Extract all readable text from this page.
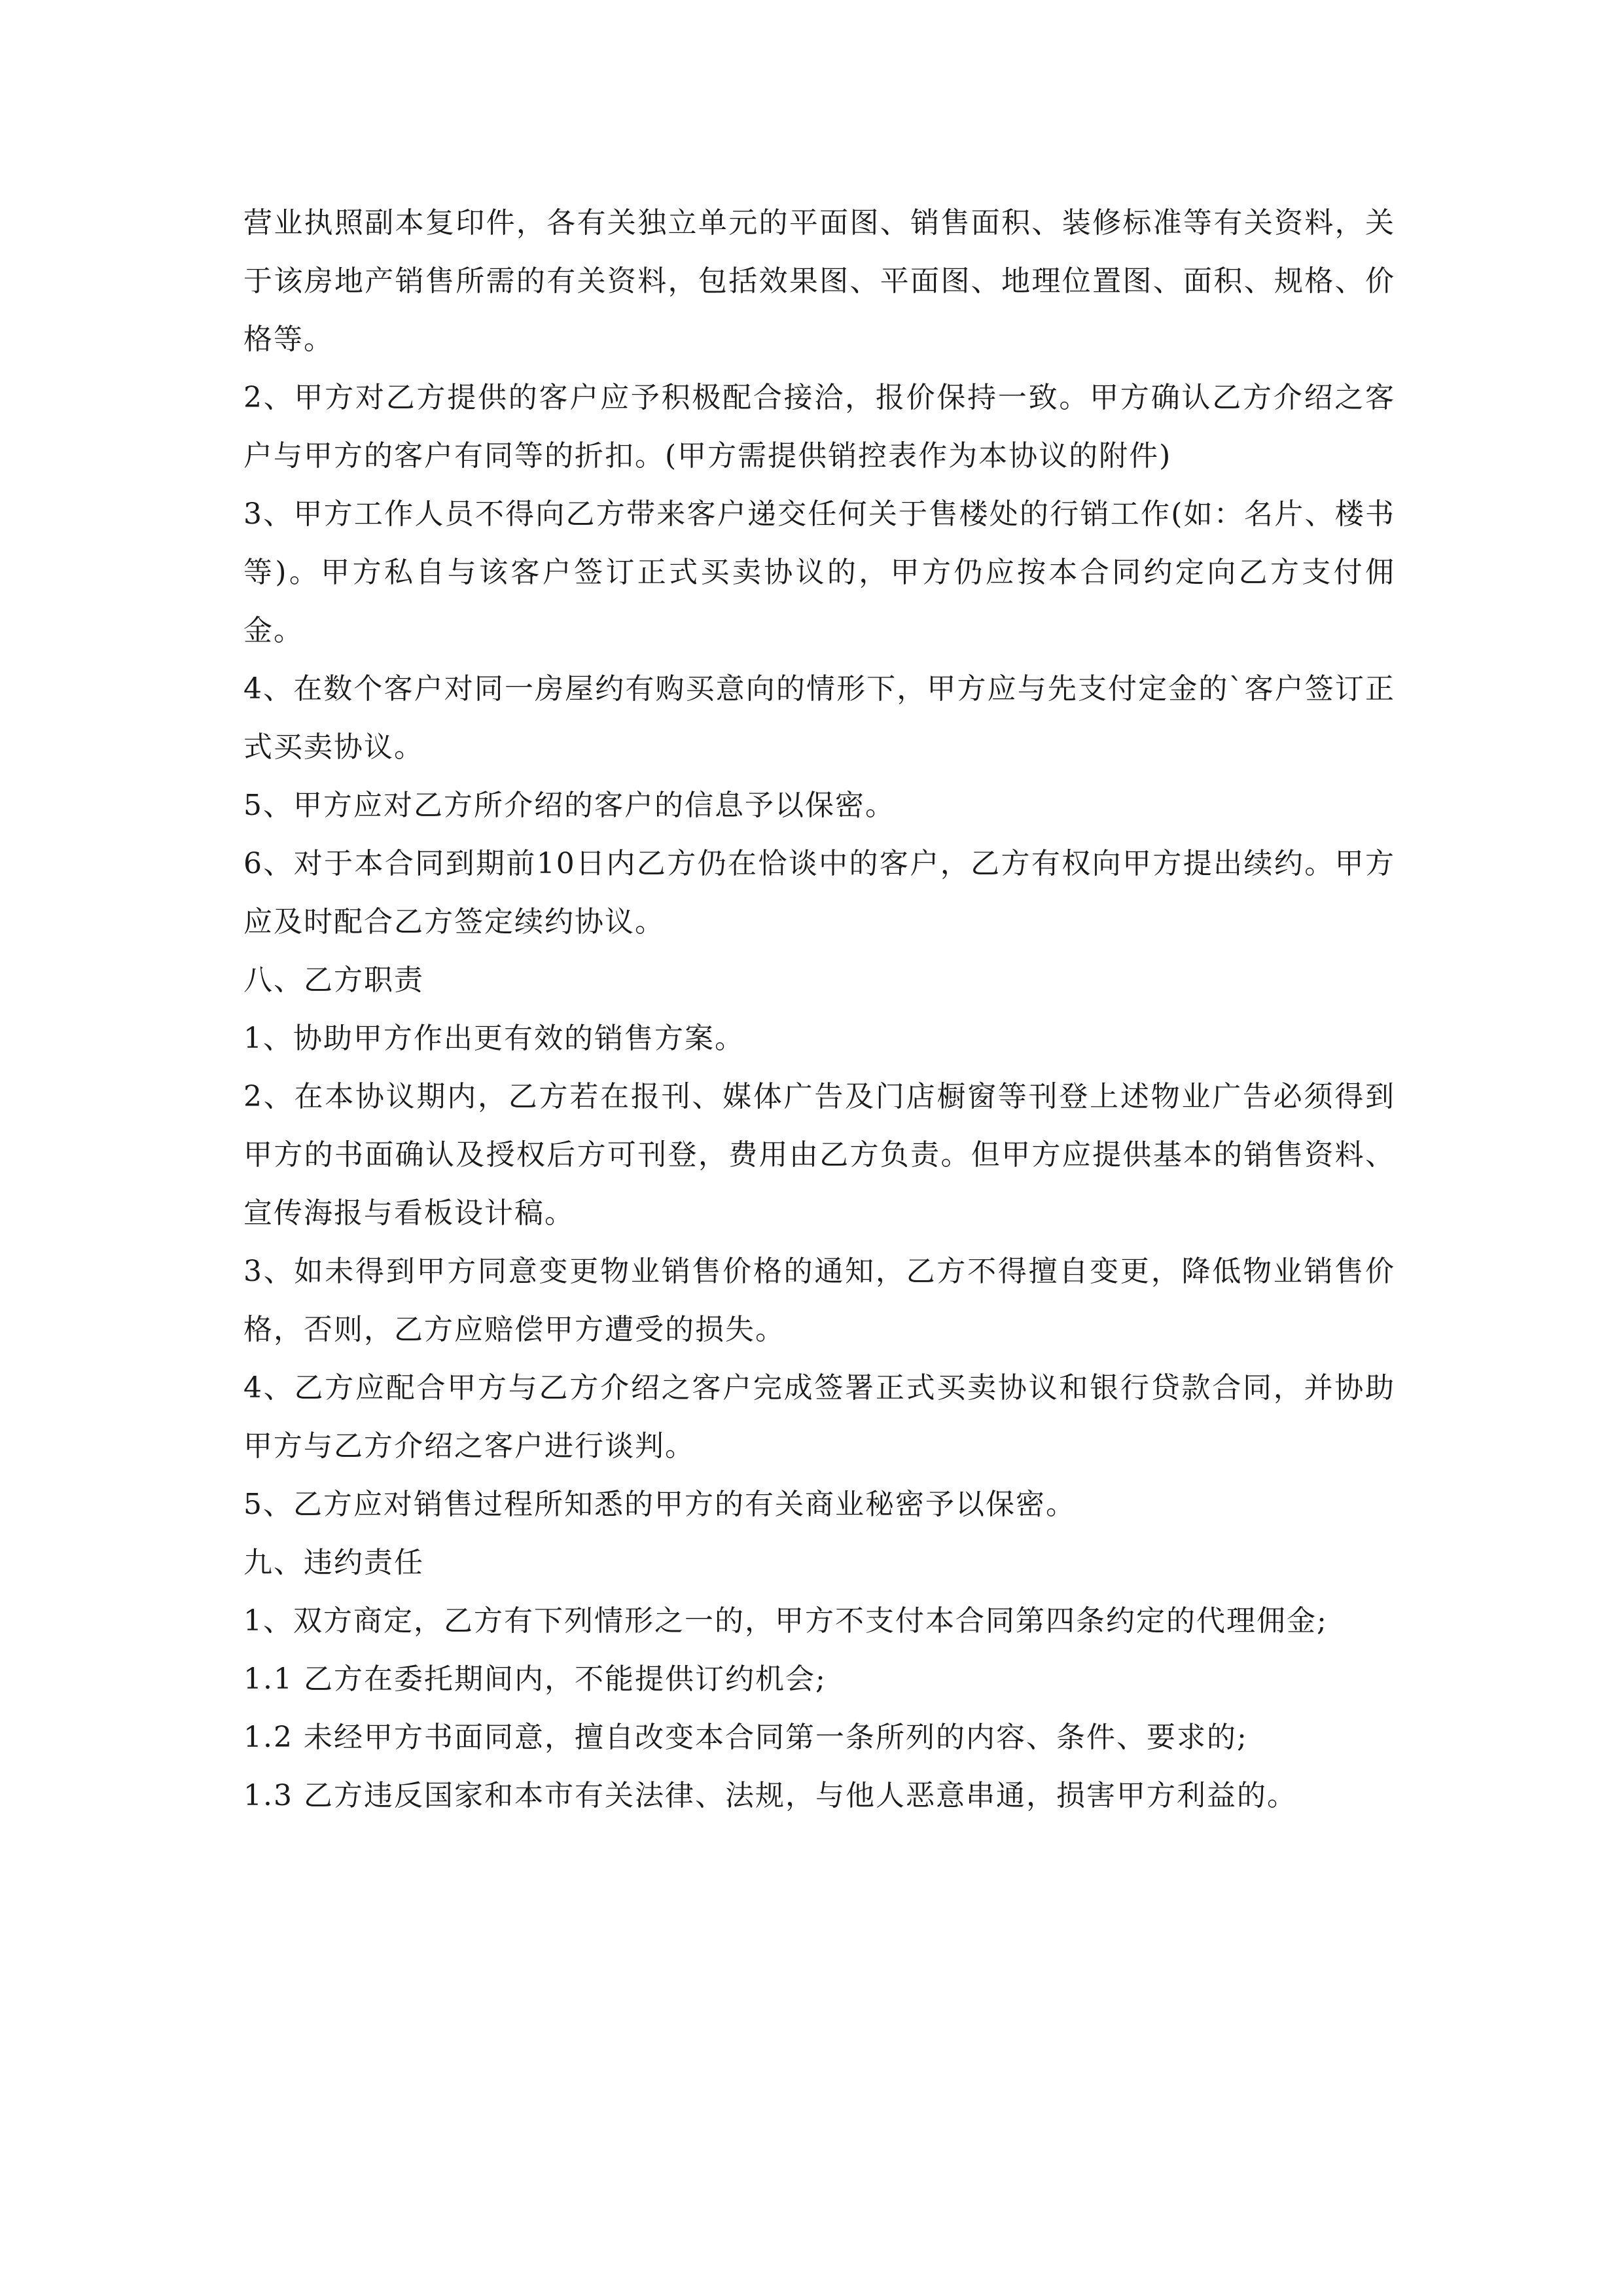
营业执照副本复印件，各有关独立单元的平面图、销售面积、装修标准等有关资料，关于该房地产销售所需的有关资料，包括效果图、平面图、地理位置图、面积、规格、价格等。

2、甲方对乙方提供的客户应予积极配合接洽，报价保持一致。甲方确认乙方介绍之客户与甲方的客户有同等的折扣。(甲方需提供销控表作为本协议的附件)

3、甲方工作人员不得向乙方带来客户递交任何关于售楼处的行销工作(如：名片、楼书等)。甲方私自与该客户签订正式买卖协议的，甲方仍应按本合同约定向乙方支付佣金。

4、在数个客户对同一房屋约有购买意向的情形下，甲方应与先支付定金的`客户签订正式买卖协议。

5、甲方应对乙方所介绍的客户的信息予以保密。

6、对于本合同到期前10日内乙方仍在恰谈中的客户，乙方有权向甲方提出续约。甲方应及时配合乙方签定续约协议。

八、乙方职责

1、协助甲方作出更有效的销售方案。

2、在本协议期内，乙方若在报刊、媒体广告及门店橱窗等刊登上述物业广告必须得到甲方的书面确认及授权后方可刊登，费用由乙方负责。但甲方应提供基本的销售资料、宣传海报与看板设计稿。

3、如未得到甲方同意变更物业销售价格的通知，乙方不得擅自变更，降低物业销售价格，否则，乙方应赔偿甲方遭受的损失。

4、乙方应配合甲方与乙方介绍之客户完成签署正式买卖协议和银行贷款合同，并协助甲方与乙方介绍之客户进行谈判。

5、乙方应对销售过程所知悉的甲方的有关商业秘密予以保密。

九、违约责任

1、双方商定，乙方有下列情形之一的，甲方不支付本合同第四条约定的代理佣金;

1.1 乙方在委托期间内，不能提供订约机会;

1.2 未经甲方书面同意，擅自改变本合同第一条所列的内容、条件、要求的;

1.3 乙方违反国家和本市有关法律、法规，与他人恶意串通，损害甲方利益的。
